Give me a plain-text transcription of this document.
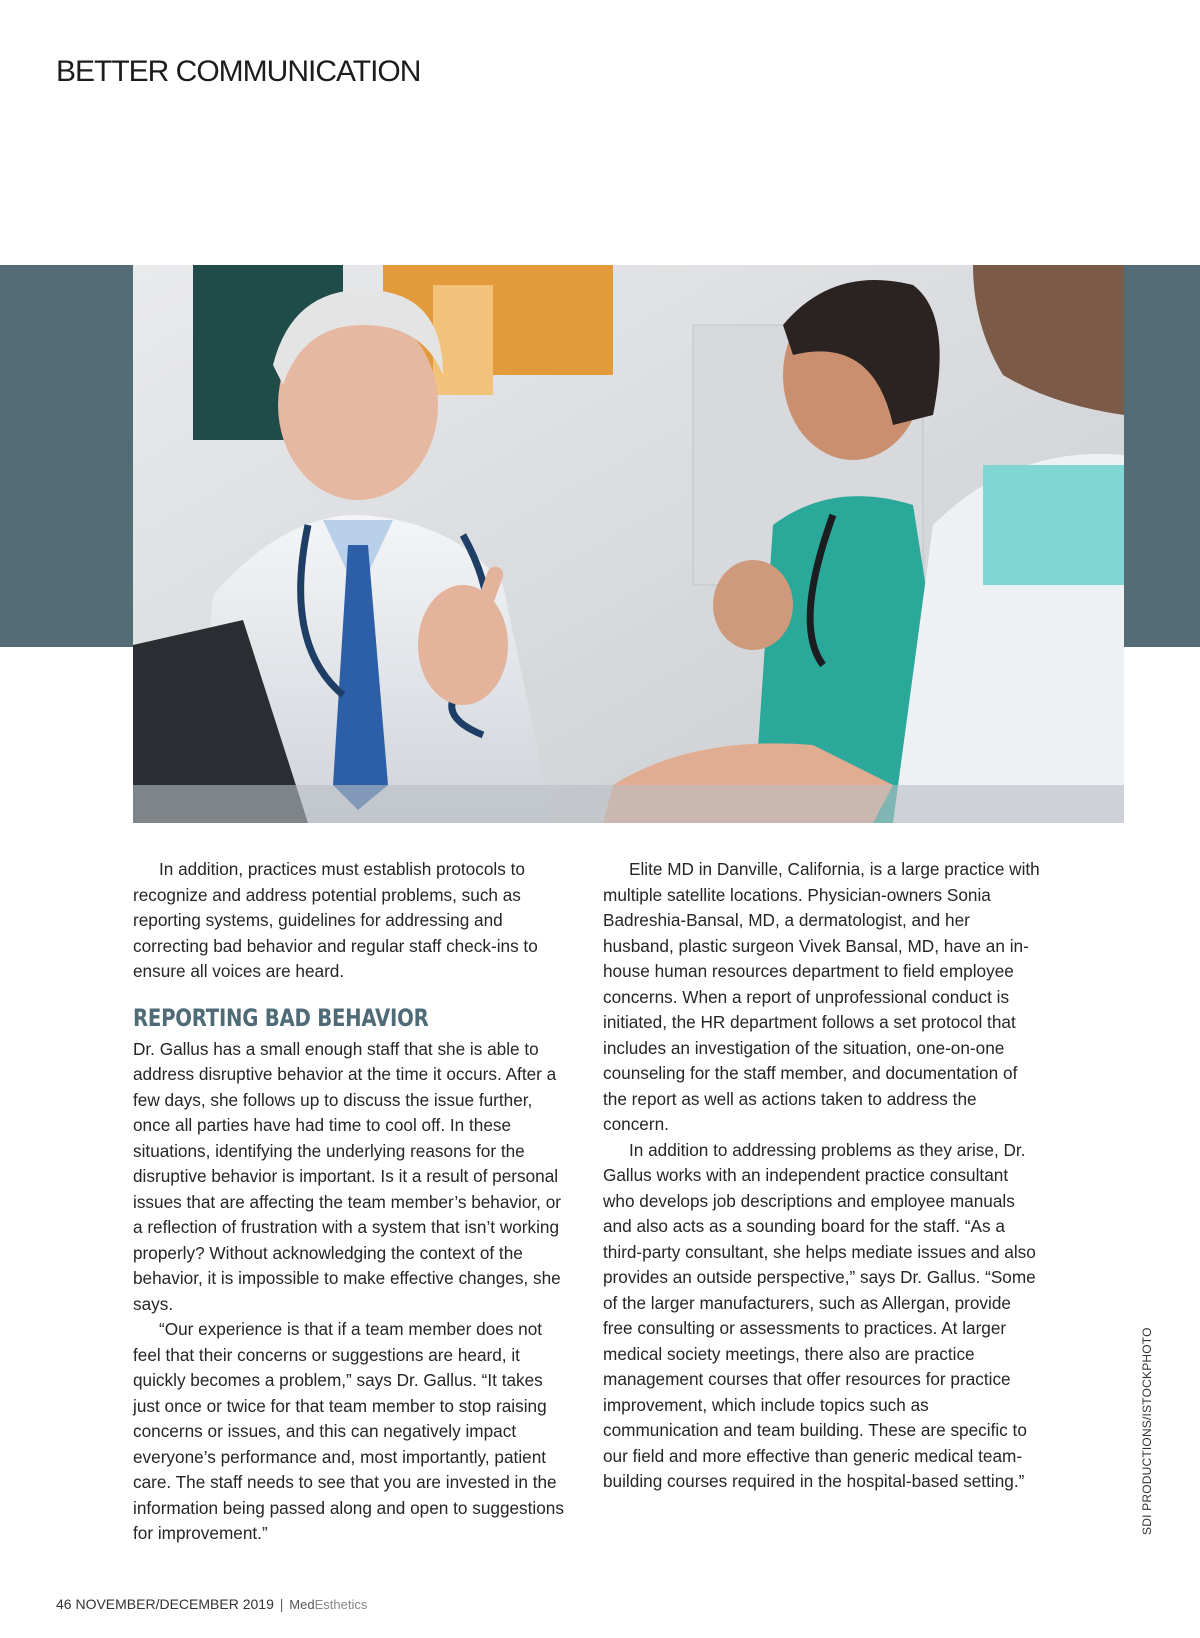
BETTER COMMUNICATION

In addition, practices must establish protocols to recognize and address potential problems, such as reporting systems, guidelines for addressing and correcting bad behavior and regular staff check-ins to ensure all voices are heard.

REPORTING BAD BEHAVIOR

Dr. Gallus has a small enough staff that she is able to address disruptive behavior at the time it occurs. After a few days, she follows up to discuss the issue further, once all parties have had time to cool off. In these situations, identifying the underlying reasons for the disruptive behavior is important. Is it a result of personal issues that are affecting the team member’s behavior, or a reflection of frustration with a system that isn’t working properly? Without acknowledging the context of the behavior, it is impossible to make effective changes, she says.

“Our experience is that if a team member does not feel that their concerns or suggestions are heard, it quickly becomes a problem,” says Dr. Gallus. “It takes just once or twice for that team member to stop raising concerns or issues, and this can negatively impact everyone’s performance and, most importantly, patient care. The staff needs to see that you are invested in the information being passed along and open to suggestions for improvement.”

Elite MD in Danville, California, is a large practice with multiple satellite locations. Physician-owners Sonia Badreshia-Bansal, MD, a dermatologist, and her husband, plastic surgeon Vivek Bansal, MD, have an in-house human resources department to field employee concerns. When a report of unprofessional conduct is initiated, the HR department follows a set protocol that includes an investigation of the situation, one-on-one counseling for the staff member, and documentation of the report as well as actions taken to address the concern.

In addition to addressing problems as they arise, Dr. Gallus works with an independent practice consultant who develops job descriptions and employee manuals and also acts as a sounding board for the staff. “As a third-party consultant, she helps mediate issues and also provides an outside perspective,” says Dr. Gallus. “Some of the larger manufacturers, such as Allergan, provide free consulting or assessments to practices. At larger medical society meetings, there also are practice management courses that offer resources for practice improvement, which include topics such as communication and team building. These are specific to our field and more effective than generic medical team-building courses required in the hospital-based setting.”	SDI PRODUCTIONS/ISTOCKPHOTO
46 NOVEMBER/DECEMBER 2019 | MedEsthetics
